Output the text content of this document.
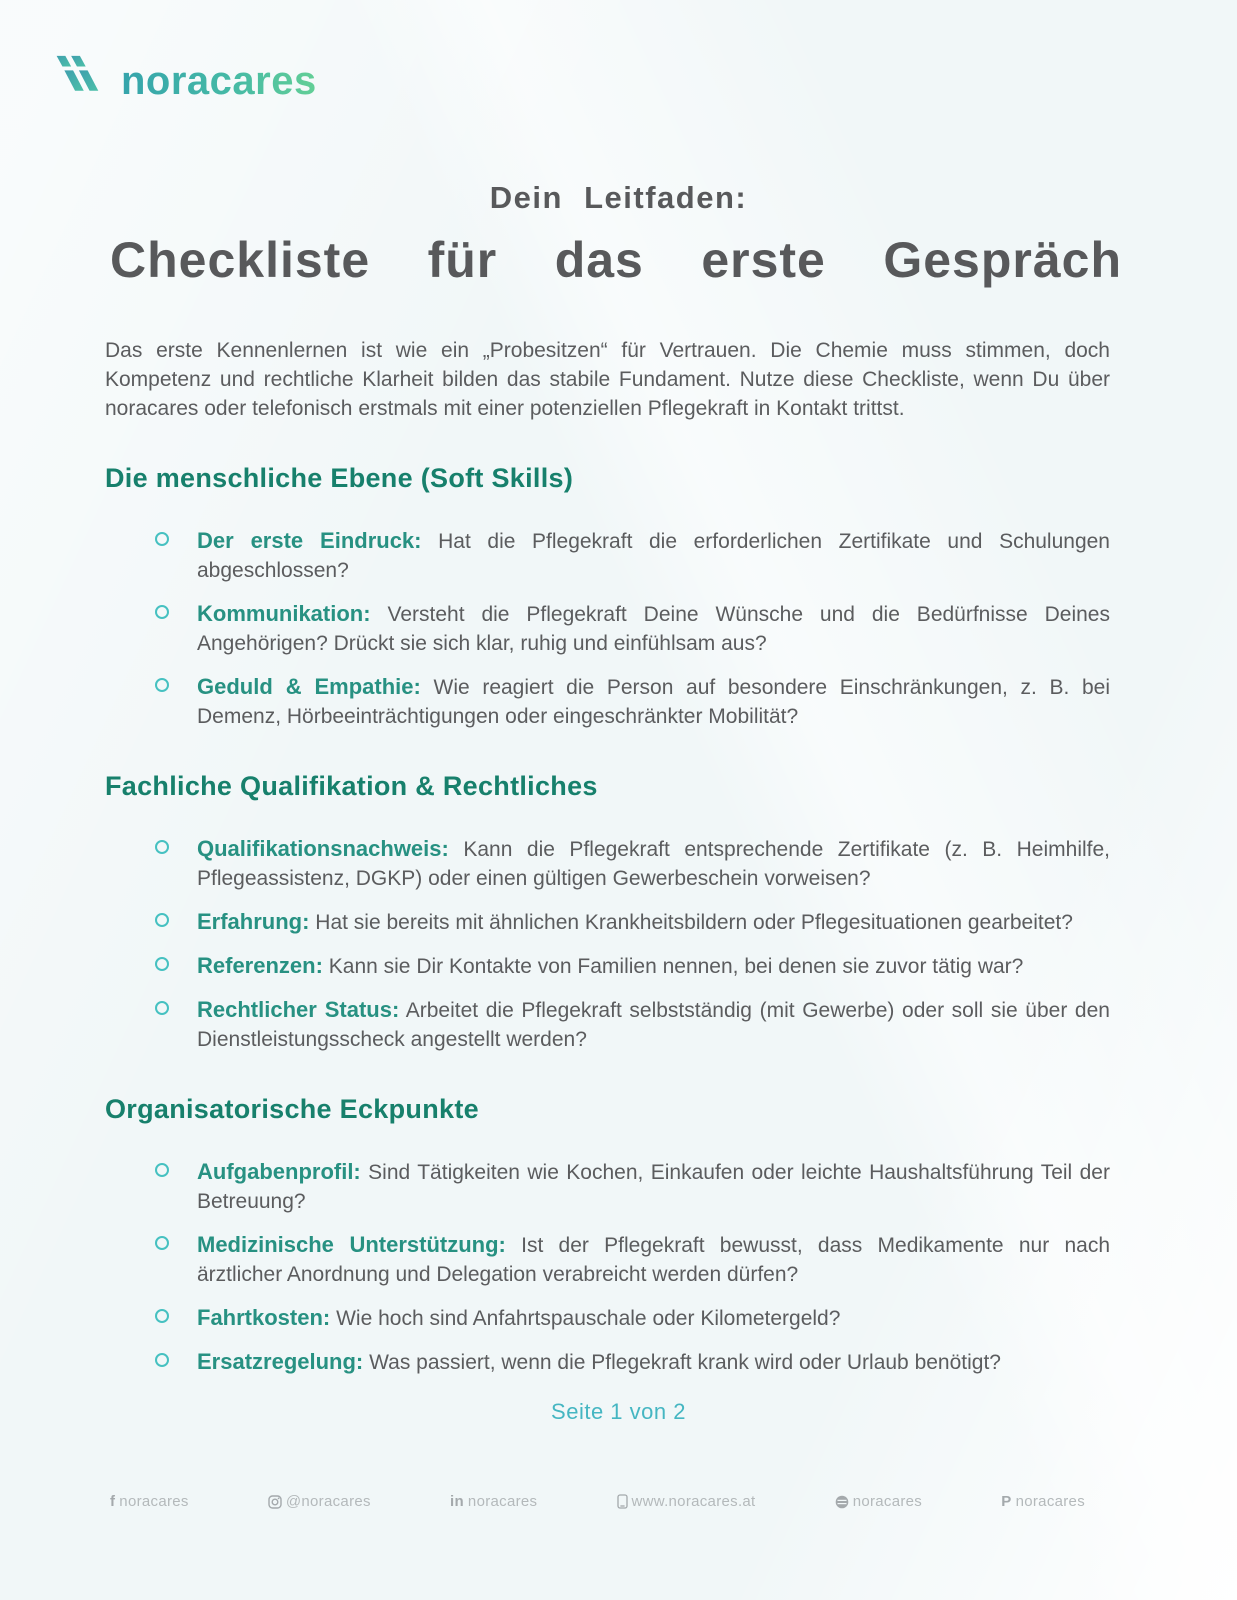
noracares
Dein Leitfaden:
Checkliste für das erste Gespräch

Das erste Kennenlernen ist wie ein „Probesitzen“ für Vertrauen. Die Chemie muss stimmen, doch Kompetenz und rechtliche Klarheit bilden das stabile Fundament. Nutze diese Checkliste, wenn Du über noracares oder telefonisch erstmals mit einer potenziellen Pflegekraft in Kontakt trittst.

Die menschliche Ebene (Soft Skills)
Der erste Eindruck: Hat die Pflegekraft die erforderlichen Zertifikate und Schulungen abgeschlossen?
Kommunikation: Versteht die Pflegekraft Deine Wünsche und die Bedürfnisse Deines Angehörigen? Drückt sie sich klar, ruhig und einfühlsam aus?
Geduld & Empathie: Wie reagiert die Person auf besondere Einschränkungen, z. B. bei Demenz, Hörbeeinträchtigungen oder eingeschränkter Mobilität?
Fachliche Qualifikation & Rechtliches
Qualifikationsnachweis: Kann die Pflegekraft entsprechende Zertifikate (z. B. Heimhilfe, Pflegeassistenz, DGKP) oder einen gültigen Gewerbeschein vorweisen?
Erfahrung: Hat sie bereits mit ähnlichen Krankheitsbildern oder Pflegesituationen gearbeitet?
Referenzen: Kann sie Dir Kontakte von Familien nennen, bei denen sie zuvor tätig war?
Rechtlicher Status: Arbeitet die Pflegekraft selbstständig (mit Gewerbe) oder soll sie über den Dienstleistungsscheck angestellt werden?
Organisatorische Eckpunkte
Aufgabenprofil: Sind Tätigkeiten wie Kochen, Einkaufen oder leichte Haushaltsführung Teil der Betreuung?
Medizinische Unterstützung: Ist der Pflegekraft bewusst, dass Medikamente nur nach ärztlicher Anordnung und Delegation verabreicht werden dürfen?
Fahrtkosten: Wie hoch sind Anfahrtspauschale oder Kilometergeld?
Ersatzregelung: Was passiert, wenn die Pflegekraft krank wird oder Urlaub benötigt?
Seite 1 von 2
f noracares	@noracares	in noracares	www.noracares.at	noracares	P noracares
